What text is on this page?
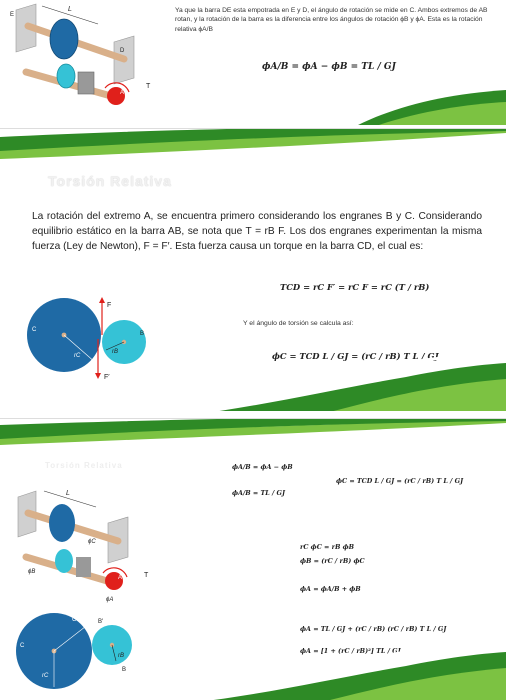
L
E
D
A
T

Ya que la barra DE esta empotrada en E y D, el ángulo de rotación se mide en C. Ambos extremos de AB rotan, y la rotación de la barra es la diferencia entre los ángulos de rotación ϕB y ϕA. Esta es la rotación relativa ϕA/B

ϕA/B = ϕA − ϕB = TL / GJ
Torsión Relativa

La rotación del extremo A, se encuentra primero considerando los engranes B y C. Considerando equilibrio estático en la barra AB, se nota que T = rB F. Los dos engranes experimentan la misma fuerza (Ley de Newton), F = F′. Esta fuerza causa un torque en la barra CD, el cual es:

F
F′
C
B
rC
rB
TCD = rC F′ = rC F = rC (T / rB)
Y el ángulo de torsión se calcula así:
ϕC = TCD L / GJ = (rC / rB) T L / GJ
Torsión Relativa
L
ϕC
ϕB
ϕA
A	T
C′	B′
C
B
rC
rB
ϕA/B = ϕA − ϕB
ϕA/B = TL / GJ
ϕC = TCD L / GJ = (rC / rB) T L / GJ
rC ϕC = rB ϕB
ϕB = (rC / rB) ϕC
ϕA = ϕA/B + ϕB
ϕA = TL / GJ + (rC / rB) (rC / rB) T L / GJ
ϕA = [1 + (rC / rB)²] TL / GJ
